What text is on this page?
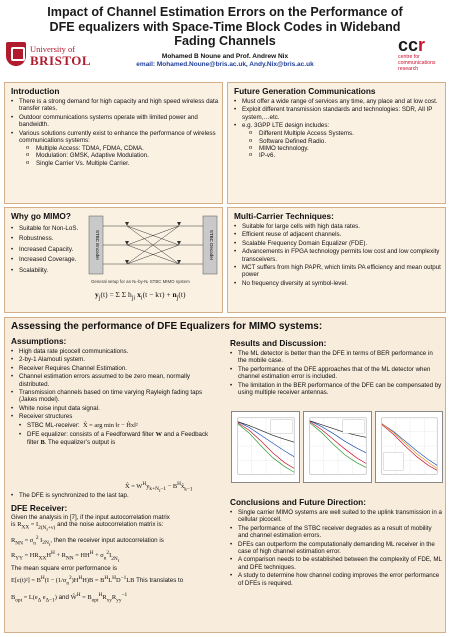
Impact of Channel Estimation Errors on the Performance of
DFE equalizers with Space-Time Block Codes in Wideband
Fading Channels
Mohamed B Noune and Prof. Andrew Nix
email: Mohamed.Noune@bris.ac.uk, Andy.Nix@bris.ac.uk
University of
BRISTOL
ccr
centre for
communications
research
Introduction
• There is a strong demand for high capacity and high speed wireless data transfer rates.
• Outdoor communications systems operate with limited power and bandwidth.
• Various solutions currently exist to enhance the performance of wireless communications systems:
o Multiple Access: TDMA, FDMA, CDMA.
o Modulation: GMSK, Adaptive Modulation.
o Single Carrier Vs. Multiple Carrier.
Future Generation Communications
• Must offer a wide range of services any time, any place and at low cost.
• Exploit different transmission standards and technologies: SDR, All IP system,…etc.
• e.g. 3GPP LTE design includes:
o Different Multiple Access Systems.
o Software Defined Radio.
o MIMO technology.
o IP-v6.
Why go MIMO?
• Suitable for Non-LoS.
• Robustness.
• Increased Capacity.
• Increased Coverage.
• Scalability.
STBC Encoder	STBC Decoder
General setup for an Nₜ-by-Nᵣ STBC MIMO system
$y_j(t) = \Sigma$ Σ $h_{ji}$ $x_i(t - k\tau) + n_j(t)$
Multi-Carrier Techniques:
• Suitable for large cells with high data rates.
• Efficient reuse of adjacent channels.
• Scalable Frequency Domain Equalizer (FDE).
• Advancements in FPGA technology permits low cost and low complexity transceivers.
• MCT suffers from high PAPR, which limits PA efficiency and mean output power
• No frequency diversity at symbol-level.
Assessing the performance of DFE Equalizers for MIMO systems:
Assumptions:
• High data rate picocell communications.
• 2-by-1 Alamouti system.
• Receiver Requires Channel Estimation.
• Channel estimation errors assumed to be zero mean, normally distributed.
• Transmission channels based on time varying Rayleigh fading taps (Jakes model).
• White noise input data signal.
• Receiver structures
• STBC ML-receiver:  X̂ = arg min ‖r − Ĥx‖²
• DFE equalizer: consists of a Feedforward filter W and a Feedback filter B. The equalizer’s output is
X̂ = $W^Hy_{k+N_f-1}$ − $B^Hx̂_{k-1}$
• The DFE is synchronized to the last tap.
DFE Receiver:
Given the analysis in [7], if the input autocorrelation matrix
is $R_{XX} = I_{2(N_f+v)}$ and the noise autocorrelation matrix is:
$R_{NN} = \sigma_n^2$ $I_{2N_f}$, then the receiver input autocorrelation is
$R_{YY} = HR_{XX}H^H + R_{NN} = HH^H + \sigma_n^2I_{2N_f}$
The mean square error performance is
$E[\varepsilon(t)^2] = B^H(I - (1/\sigma_n^2)H^HH)B = B^HL^HD^{-1}LB$ This translates to
$B_{opt} = L(e_\Delta$ $e_{\Delta-1}$) and $Ŵ^H = B_{opt}^HR_{xy}R_{yy}^{-1}$
Results and Discussion:
• The ML detector is better than the DFE in terms of BER performance in the mobile case.
• The performance of the DFE approaches that of the ML detector when channel estimation error is included.
• The limitation in the BER performance of the DFE can be compensated by using multiple receiver antennas.
Conclusions and Future Direction:
• Single carrier MIMO systems are well suited to the uplink transmission in a cellular picocell.
• The performance of the STBC receiver degrades as a result of mobility and channel estimation errors.
• DFEs can outperform the computationally demanding ML receiver in the case of high channel estimation error.
• A comparison needs to be established between the complexity of FDE, ML and DFE techniques.
• A study to determine how channel coding improves the error performance of DFEs is required.
